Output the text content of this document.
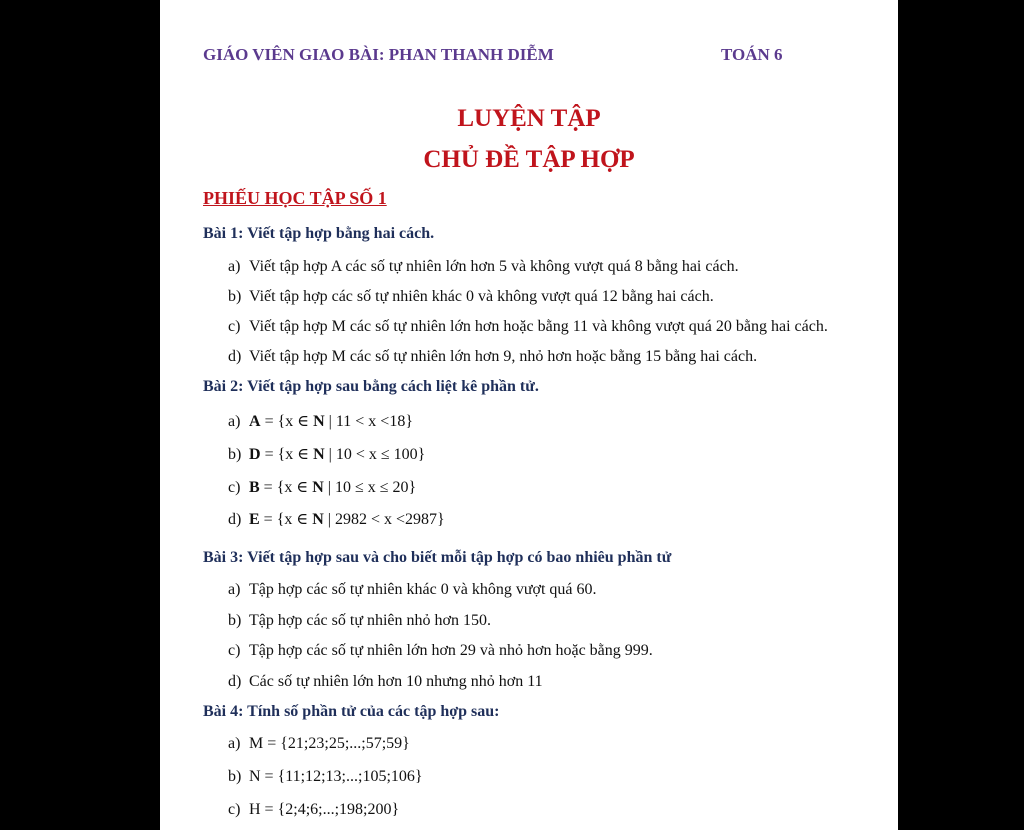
GIÁO VIÊN GIAO BÀI: PHAN THANH DIỄM	TOÁN 6
LUYỆN TẬP
CHỦ ĐỀ TẬP HỢP
PHIẾU HỌC TẬP SỐ 1
Bài 1: Viết tập hợp bằng hai cách.
a) Viết tập hợp A các số tự nhiên lớn hơn 5 và không vượt quá 8 bằng hai cách.
b) Viết tập hợp các số tự nhiên khác 0 và không vượt quá 12 bằng hai cách.
c) Viết tập hợp M các số tự nhiên lớn hơn hoặc bằng 11 và không vượt quá 20 bằng hai cách.
d) Viết tập hợp M các số tự nhiên lớn hơn 9, nhỏ hơn hoặc bằng 15 bằng hai cách.
Bài 2: Viết tập hợp sau bằng cách liệt kê phần tử.
a) A = {x ∈ N | 11 < x <18}
b) D = {x ∈ N | 10 < x ≤ 100}
c) B = {x ∈ N | 10 ≤ x ≤ 20}
d) E = {x ∈ N | 2982 < x <2987}
Bài 3: Viết tập hợp sau và cho biết mỗi tập hợp có bao nhiêu phần tử
a) Tập hợp các số tự nhiên khác 0 và không vượt quá 60.
b) Tập hợp các số tự nhiên nhỏ hơn 150.
c) Tập hợp các số tự nhiên lớn hơn 29 và nhỏ hơn hoặc bằng 999.
d) Các số tự nhiên lớn hơn 10 nhưng nhỏ hơn 11
Bài 4: Tính số phần tử của các tập hợp sau:
a) M = {21;23;25;...;57;59}
b) N = {11;12;13;...;105;106}
c) H = {2;4;6;...;198;200}
